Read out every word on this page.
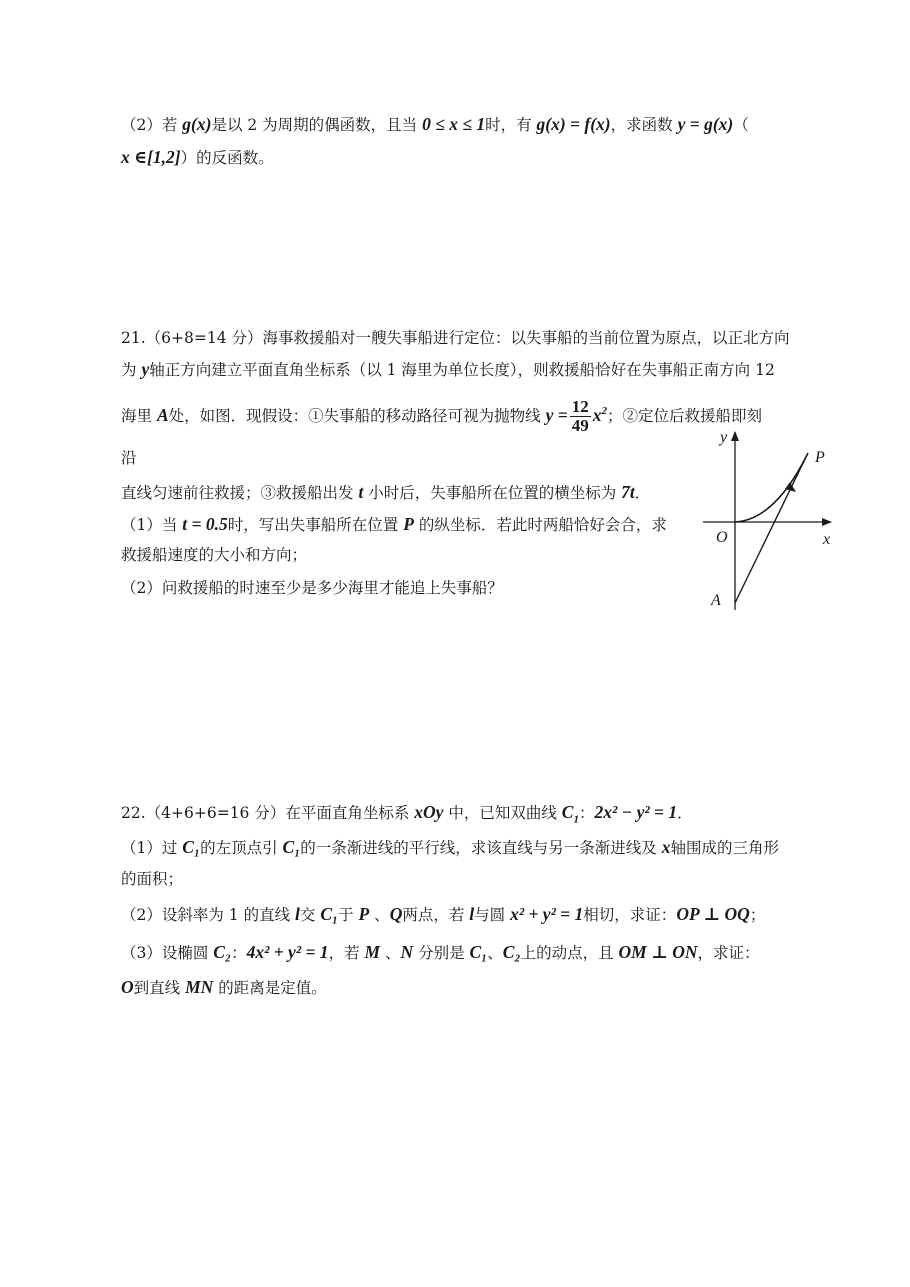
（2）若 g(x)是以 2 为周期的偶函数，且当 0 ≤ x ≤ 1时，有 g(x) = f(x)，求函数 y = g(x)（
x ∈[1,2]）的反函数。
21.（6+8=14 分）海事救援船对一艘失事船进行定位：以失事船的当前位置为原点，以正北方向
为 y轴正方向建立平面直角坐标系（以 1 海里为单位长度），则救援船恰好在失事船正南方向 12
海里 A处，如图．现假设：①失事船的移动路径可视为抛物线 $y = \frac{12}{49} x^2$；②定位后救援船即刻
沿
直线匀速前往救援；③救援船出发 t 小时后，失事船所在位置的横坐标为 7t．
（1）当 t = 0.5时，写出失事船所在位置 P 的纵坐标．若此时两船恰好会合，求
救援船速度的大小和方向；
（2）问救援船的时速至少是多少海里才能追上失事船？
y
x
O
P
A
22.（4+6+6=16 分）在平面直角坐标系 xOy 中，已知双曲线 $C_1$：2x² − y² = 1．
（1）过 C₁的左顶点引 C₁的一条渐进线的平行线，求该直线与另一条渐进线及 x轴围成的三角形
的面积；
（2）设斜率为 1 的直线 l交 C₁于 P 、Q两点，若 l与圆 x² + y² = 1相切，求证：OP ⊥ OQ；
（3）设椭圆 C₂：4x² + y² = 1，若 M 、N 分别是 C₁、C₂上的动点，且 OM ⊥ ON，求证：
O到直线 MN 的距离是定值。
